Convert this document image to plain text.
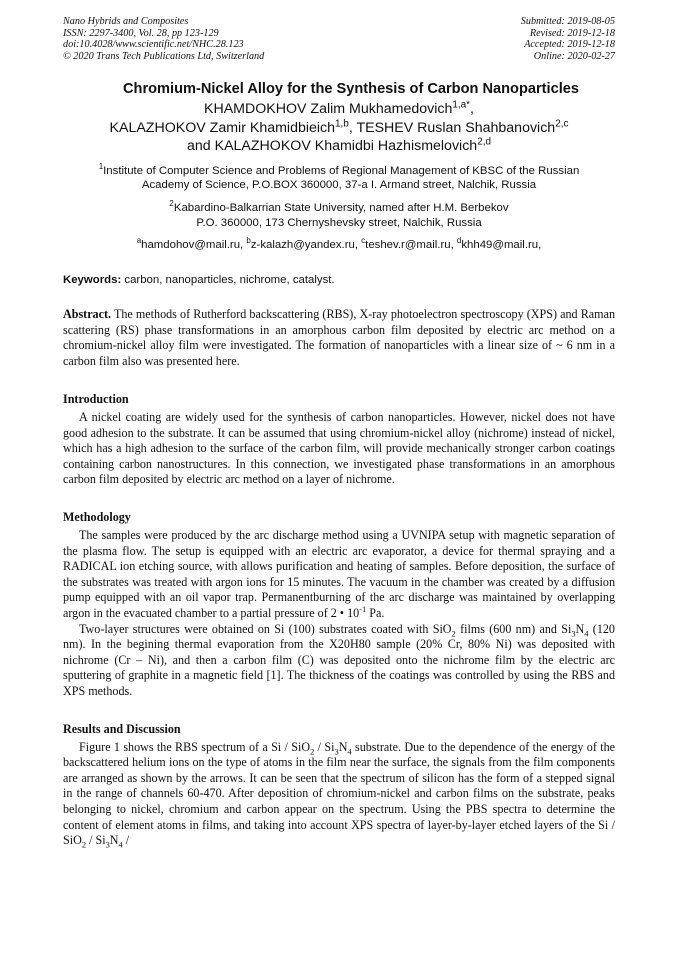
Nano Hybrids and Composites
ISSN: 2297-3400, Vol. 28, pp 123-129
doi:10.4028/www.scientific.net/NHC.28.123
© 2020 Trans Tech Publications Ltd, Switzerland
Submitted: 2019-08-05
Revised: 2019-12-18
Accepted: 2019-12-18
Online: 2020-02-27
Chromium-Nickel Alloy for the Synthesis of Carbon Nanoparticles
KHAMDOKHOV Zalim Mukhamedovich$^{1,a*}$,
KALAZHOKOV Zamir Khamidbieich$^{1,b}$, TESHEV Ruslan Shahbanovich$^{2,c}$
and KALAZHOKOV Khamidbi Hazhismelovich$^{2,d}$
$^1$Institute of Computer Science and Problems of Regional Management of KBSC of the Russian
Academy of Science, P.O.BOX 360000, 37-a I. Armand street, Nalchik, Russia
$^2$Kabardino-Balkarrian State University, named after H.M. Berbekov
P.O. 360000, 173 Chernyshevsky street, Nalchik, Russia
$^a$hamdohov@mail.ru, $^b$z-kalazh@yandex.ru, $^c$teshev.r@mail.ru, $^d$khh49@mail.ru,
Keywords: carbon, nanoparticles, nichrome, catalyst.
Abstract. The methods of Rutherford backscattering (RBS), X-ray photoelectron spectroscopy (XPS) and Raman scattering (RS) phase transformations in an amorphous carbon film deposited by electric arc method on a chromium-nickel alloy film were investigated. The formation of nanoparticles with a linear size of ~ 6 nm in a carbon film also was presented here.
Introduction

A nickel coating are widely used for the synthesis of carbon nanoparticles. However, nickel does not have good adhesion to the substrate. It can be assumed that using chromium-nickel alloy (nichrome) instead of nickel, which has a high adhesion to the surface of the carbon film, will provide mechanically stronger carbon coatings containing carbon nanostructures. In this connection, we investigated phase transformations in an amorphous carbon film deposited by electric arc method on a layer of nichrome.

Methodology

The samples were produced by the arc discharge method using a UVNIPA setup with magnetic separation of the plasma flow. The setup is equipped with an electric arc evaporator, a device for thermal spraying and a RADICAL ion etching source, with allows purification and heating of samples. Before deposition, the surface of the substrates was treated with argon ions for 15 minutes. The vacuum in the chamber was created by a diffusion pump equipped with an oil vapor trap. Permanentburning of the arc discharge was maintained by overlapping argon in the evacuated chamber to a partial pressure of 2 • $10^{-1}$ Pa.

Two-layer structures were obtained on Si (100) substrates coated with SiO$_2$ films (600 nm) and $Si_3N_4$ (120 nm). In the begining thermal evaporation from the X20H80 sample (20% Cr, 80% Ni) was deposited with nichrome (Cr – Ni), and then a carbon film (C) was deposited onto the nichrome film by the electric arc sputtering of graphite in a magnetic field [1]. The thickness of the coatings was controlled by using the RBS and XPS methods.

Results and Discussion

Figure 1 shows the RBS spectrum of a Si / $SiO_2 / Si_3N_4$ substrate. Due to the dependence of the energy of the backscattered helium ions on the type of atoms in the film near the surface, the signals from the film components are arranged as shown by the arrows. It can be seen that the spectrum of silicon has the form of a stepped signal in the range of channels 60-470. After deposition of chromium-nickel and carbon films on the substrate, peaks belonging to nickel, chromium and carbon appear on the spectrum. Using the PBS spectra to determine the content of element atoms in films, and taking into account XPS spectra of layer-by-layer etched layers of the Si / $SiO_2 / Si_3N_4$ /
